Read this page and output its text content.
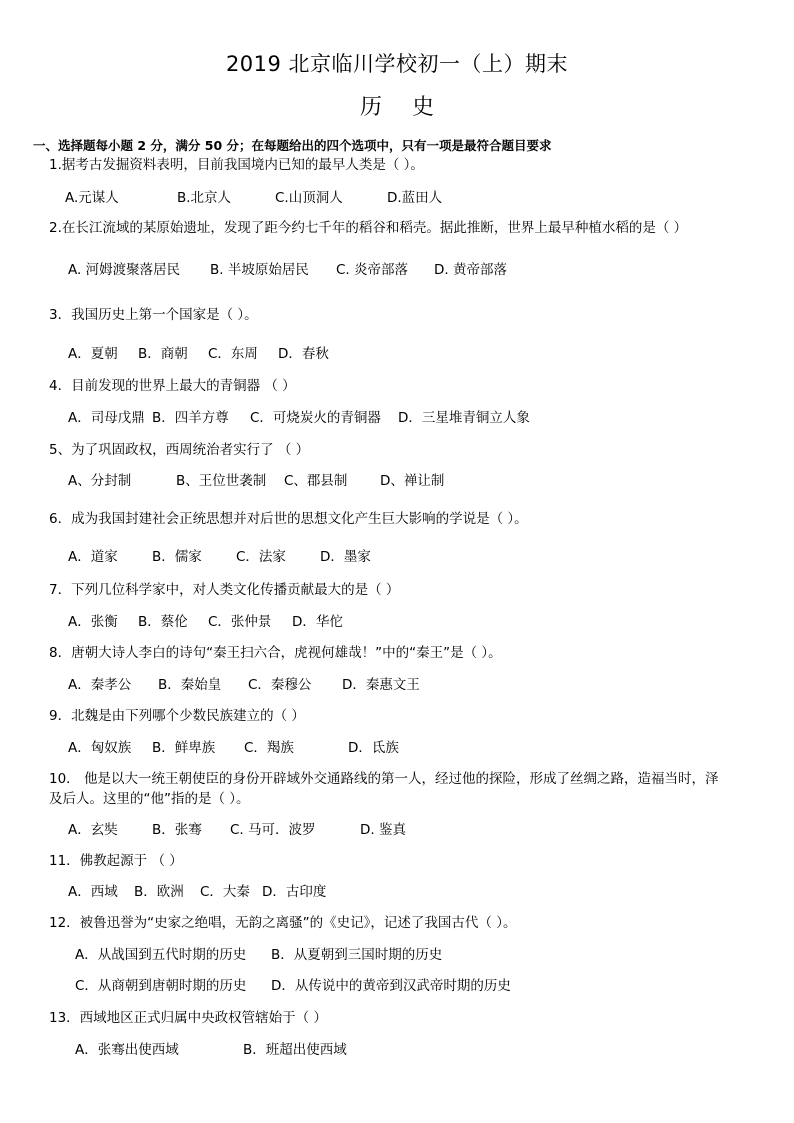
2019 北京临川学校初一（上）期末
历史
一、选择题每小题 2 分，满分 50 分；在每题给出的四个选项中，只有一项是最符合题目要求
1.据考古发掘资料表明，目前我国境内已知的最早人类是（ ）。
A.元谋人	B.北京人	C.山顶洞人	D.蓝田人
2.在长江流域的某原始遗址，发现了距今约七千年的稻谷和稻壳。据此推断，世界上最早种植水稻的是（ ）
A. 河姆渡聚落居民 B. 半坡原始居民 C. 炎帝部落 D. 黄帝部落
3．我国历史上第一个国家是（ ）。
A．夏朝 B．商朝 C．东周 D．春秋
4．目前发现的世界上最大的青铜器 （ ）
A．司母戊鼎 B．四羊方尊 C．可烧炭火的青铜器 D．三星堆青铜立人象
5、为了巩固政权，西周统治者实行了 （ ）
A、分封制	B、王位世袭制 C、郡县制 D、禅让制
6．成为我国封建社会正统思想并对后世的思想文化产生巨大影响的学说是（ ）。
A．道家	B．儒家	C．法家	D．墨家
7．下列几位科学家中，对人类文化传播贡献最大的是（ ）
A．张衡 B．蔡伦 C．张仲景 D．华佗
8．唐朝大诗人李白的诗句“秦王扫六合，虎视何雄哉！”中的“秦王”是（ ）。
A．秦孝公 B．秦始皇 C．秦穆公 D．秦惠文王
9．北魏是由下列哪个少数民族建立的（ ）
A．匈奴族 B．鲜卑族 C．羯族	D．氐族
10． 他是以大一统王朝使臣的身份开辟域外交通路线的第一人，经过他的探险，形成了丝绸之路，造福当时，泽
及后人。这里的“他”指的是（ ）。
A．玄奘	B．张骞 C. 马可．波罗	D. 鉴真
11．佛教起源于 （ ）
A．西域 B．欧洲 C．大秦 D．古印度
12．被鲁迅誉为“史家之绝唱，无韵之离骚”的《史记》，记述了我国古代（ ）。
A．从战国到五代时期的历史 B．从夏朝到三国时期的历史
C．从商朝到唐朝时期的历史 D．从传说中的黄帝到汉武帝时期的历史
13．西域地区正式归属中央政权管辖始于（ ）
A．张骞出使西域	B．班超出使西域
